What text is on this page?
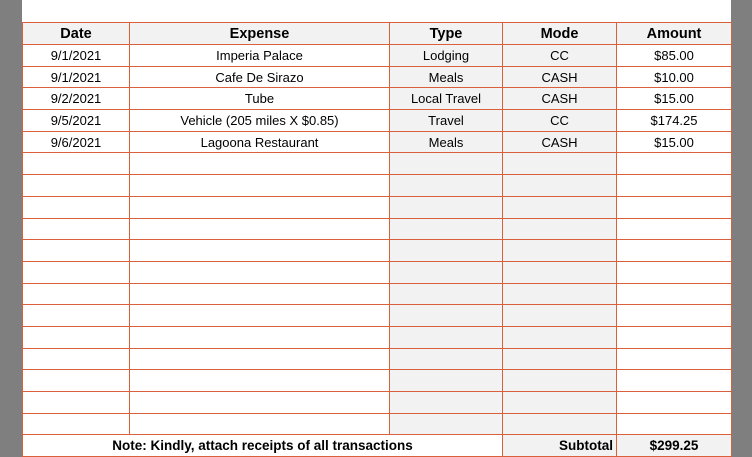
Date	Expense	Type	Mode	Amount
9/1/2021	Imperia Palace	Lodging	CC	$85.00
9/1/2021	Cafe De Sirazo	Meals	CASH	$10.00
9/2/2021	Tube	Local Travel	CASH	$15.00
9/5/2021	Vehicle (205 miles X $0.85)	Travel	CC	$174.25
9/6/2021	Lagoona Restaurant	Meals	CASH	$15.00

Note: Kindly, attach receipts of all transactions			Subtotal	$299.25
